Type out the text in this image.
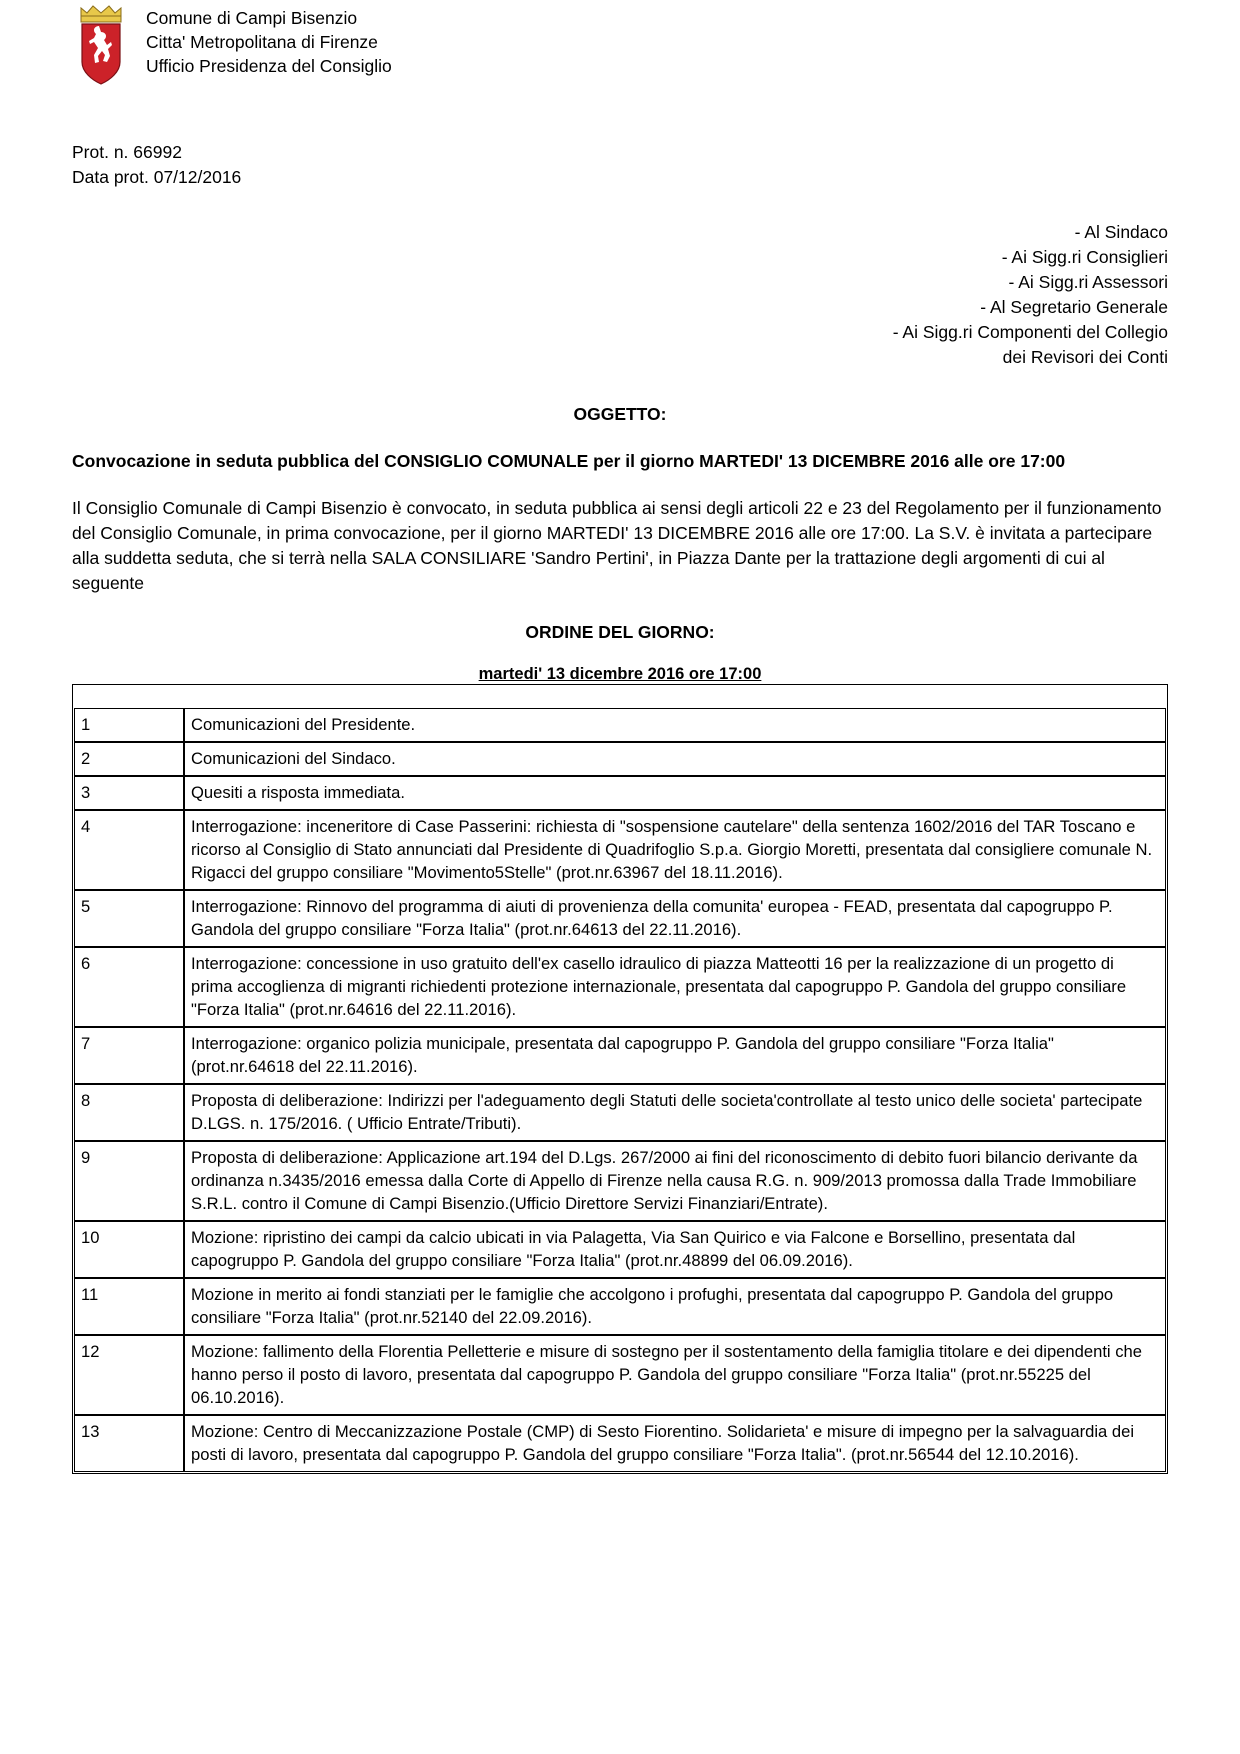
Comune di Campi Bisenzio
Citta' Metropolitana di Firenze
Ufficio Presidenza del Consiglio
Prot. n. 66992
Data prot. 07/12/2016
- Al Sindaco
- Ai Sigg.ri Consiglieri
- Ai Sigg.ri Assessori
- Al Segretario Generale
- Ai Sigg.ri Componenti del Collegio
dei Revisori dei Conti
OGGETTO:
Convocazione in seduta pubblica del CONSIGLIO COMUNALE per il giorno MARTEDI' 13 DICEMBRE 2016 alle ore 17:00
Il Consiglio Comunale di Campi Bisenzio è convocato, in seduta pubblica ai sensi degli articoli 22 e 23 del Regolamento per il funzionamento del Consiglio Comunale, in prima convocazione, per il giorno MARTEDI' 13 DICEMBRE 2016 alle ore 17:00. La S.V. è invitata a partecipare alla suddetta seduta, che si terrà nella SALA CONSILIARE 'Sandro Pertini', in Piazza Dante per la trattazione degli argomenti di cui al seguente
ORDINE DEL GIORNO:
martedi' 13 dicembre 2016 ore 17:00
1	Comunicazioni del Presidente.
2	Comunicazioni del Sindaco.
3	Quesiti a risposta immediata.
4	Interrogazione: inceneritore di Case Passerini: richiesta di "sospensione cautelare" della sentenza 1602/2016 del TAR Toscano e ricorso al Consiglio di Stato annunciati dal Presidente di Quadrifoglio S.p.a. Giorgio Moretti, presentata dal consigliere comunale N. Rigacci del gruppo consiliare "Movimento5Stelle" (prot.nr.63967 del 18.11.2016).
5	Interrogazione: Rinnovo del programma di aiuti di provenienza della comunita' europea - FEAD, presentata dal capogruppo P. Gandola del gruppo consiliare "Forza Italia" (prot.nr.64613 del 22.11.2016).
6	Interrogazione: concessione in uso gratuito dell'ex casello idraulico di piazza Matteotti 16 per la realizzazione di un progetto di prima accoglienza di migranti richiedenti protezione internazionale, presentata dal capogruppo P. Gandola del gruppo consiliare "Forza Italia" (prot.nr.64616 del 22.11.2016).
7	Interrogazione: organico polizia municipale, presentata dal capogruppo P. Gandola del gruppo consiliare "Forza Italia" (prot.nr.64618 del 22.11.2016).
8	Proposta di deliberazione: Indirizzi per l'adeguamento degli Statuti delle societa'controllate al testo unico delle societa' partecipate D.LGS. n. 175/2016. ( Ufficio Entrate/Tributi).
9	Proposta di deliberazione: Applicazione art.194 del D.Lgs. 267/2000 ai fini del riconoscimento di debito fuori bilancio derivante da ordinanza n.3435/2016 emessa dalla Corte di Appello di Firenze nella causa R.G. n. 909/2013 promossa dalla Trade Immobiliare S.R.L. contro il Comune di Campi Bisenzio.(Ufficio Direttore Servizi Finanziari/Entrate).
10	Mozione: ripristino dei campi da calcio ubicati in via Palagetta, Via San Quirico e via Falcone e Borsellino, presentata dal capogruppo P. Gandola del gruppo consiliare "Forza Italia" (prot.nr.48899 del 06.09.2016).
11	Mozione in merito ai fondi stanziati per le famiglie che accolgono i profughi, presentata dal capogruppo P. Gandola del gruppo consiliare "Forza Italia" (prot.nr.52140 del 22.09.2016).
12	Mozione: fallimento della Florentia Pelletterie e misure di sostegno per il sostentamento della famiglia titolare e dei dipendenti che hanno perso il posto di lavoro, presentata dal capogruppo P. Gandola del gruppo consiliare "Forza Italia" (prot.nr.55225 del 06.10.2016).
13	Mozione: Centro di Meccanizzazione Postale (CMP) di Sesto Fiorentino. Solidarieta' e misure di impegno per la salvaguardia dei posti di lavoro, presentata dal capogruppo P. Gandola del gruppo consiliare "Forza Italia". (prot.nr.56544 del 12.10.2016).
